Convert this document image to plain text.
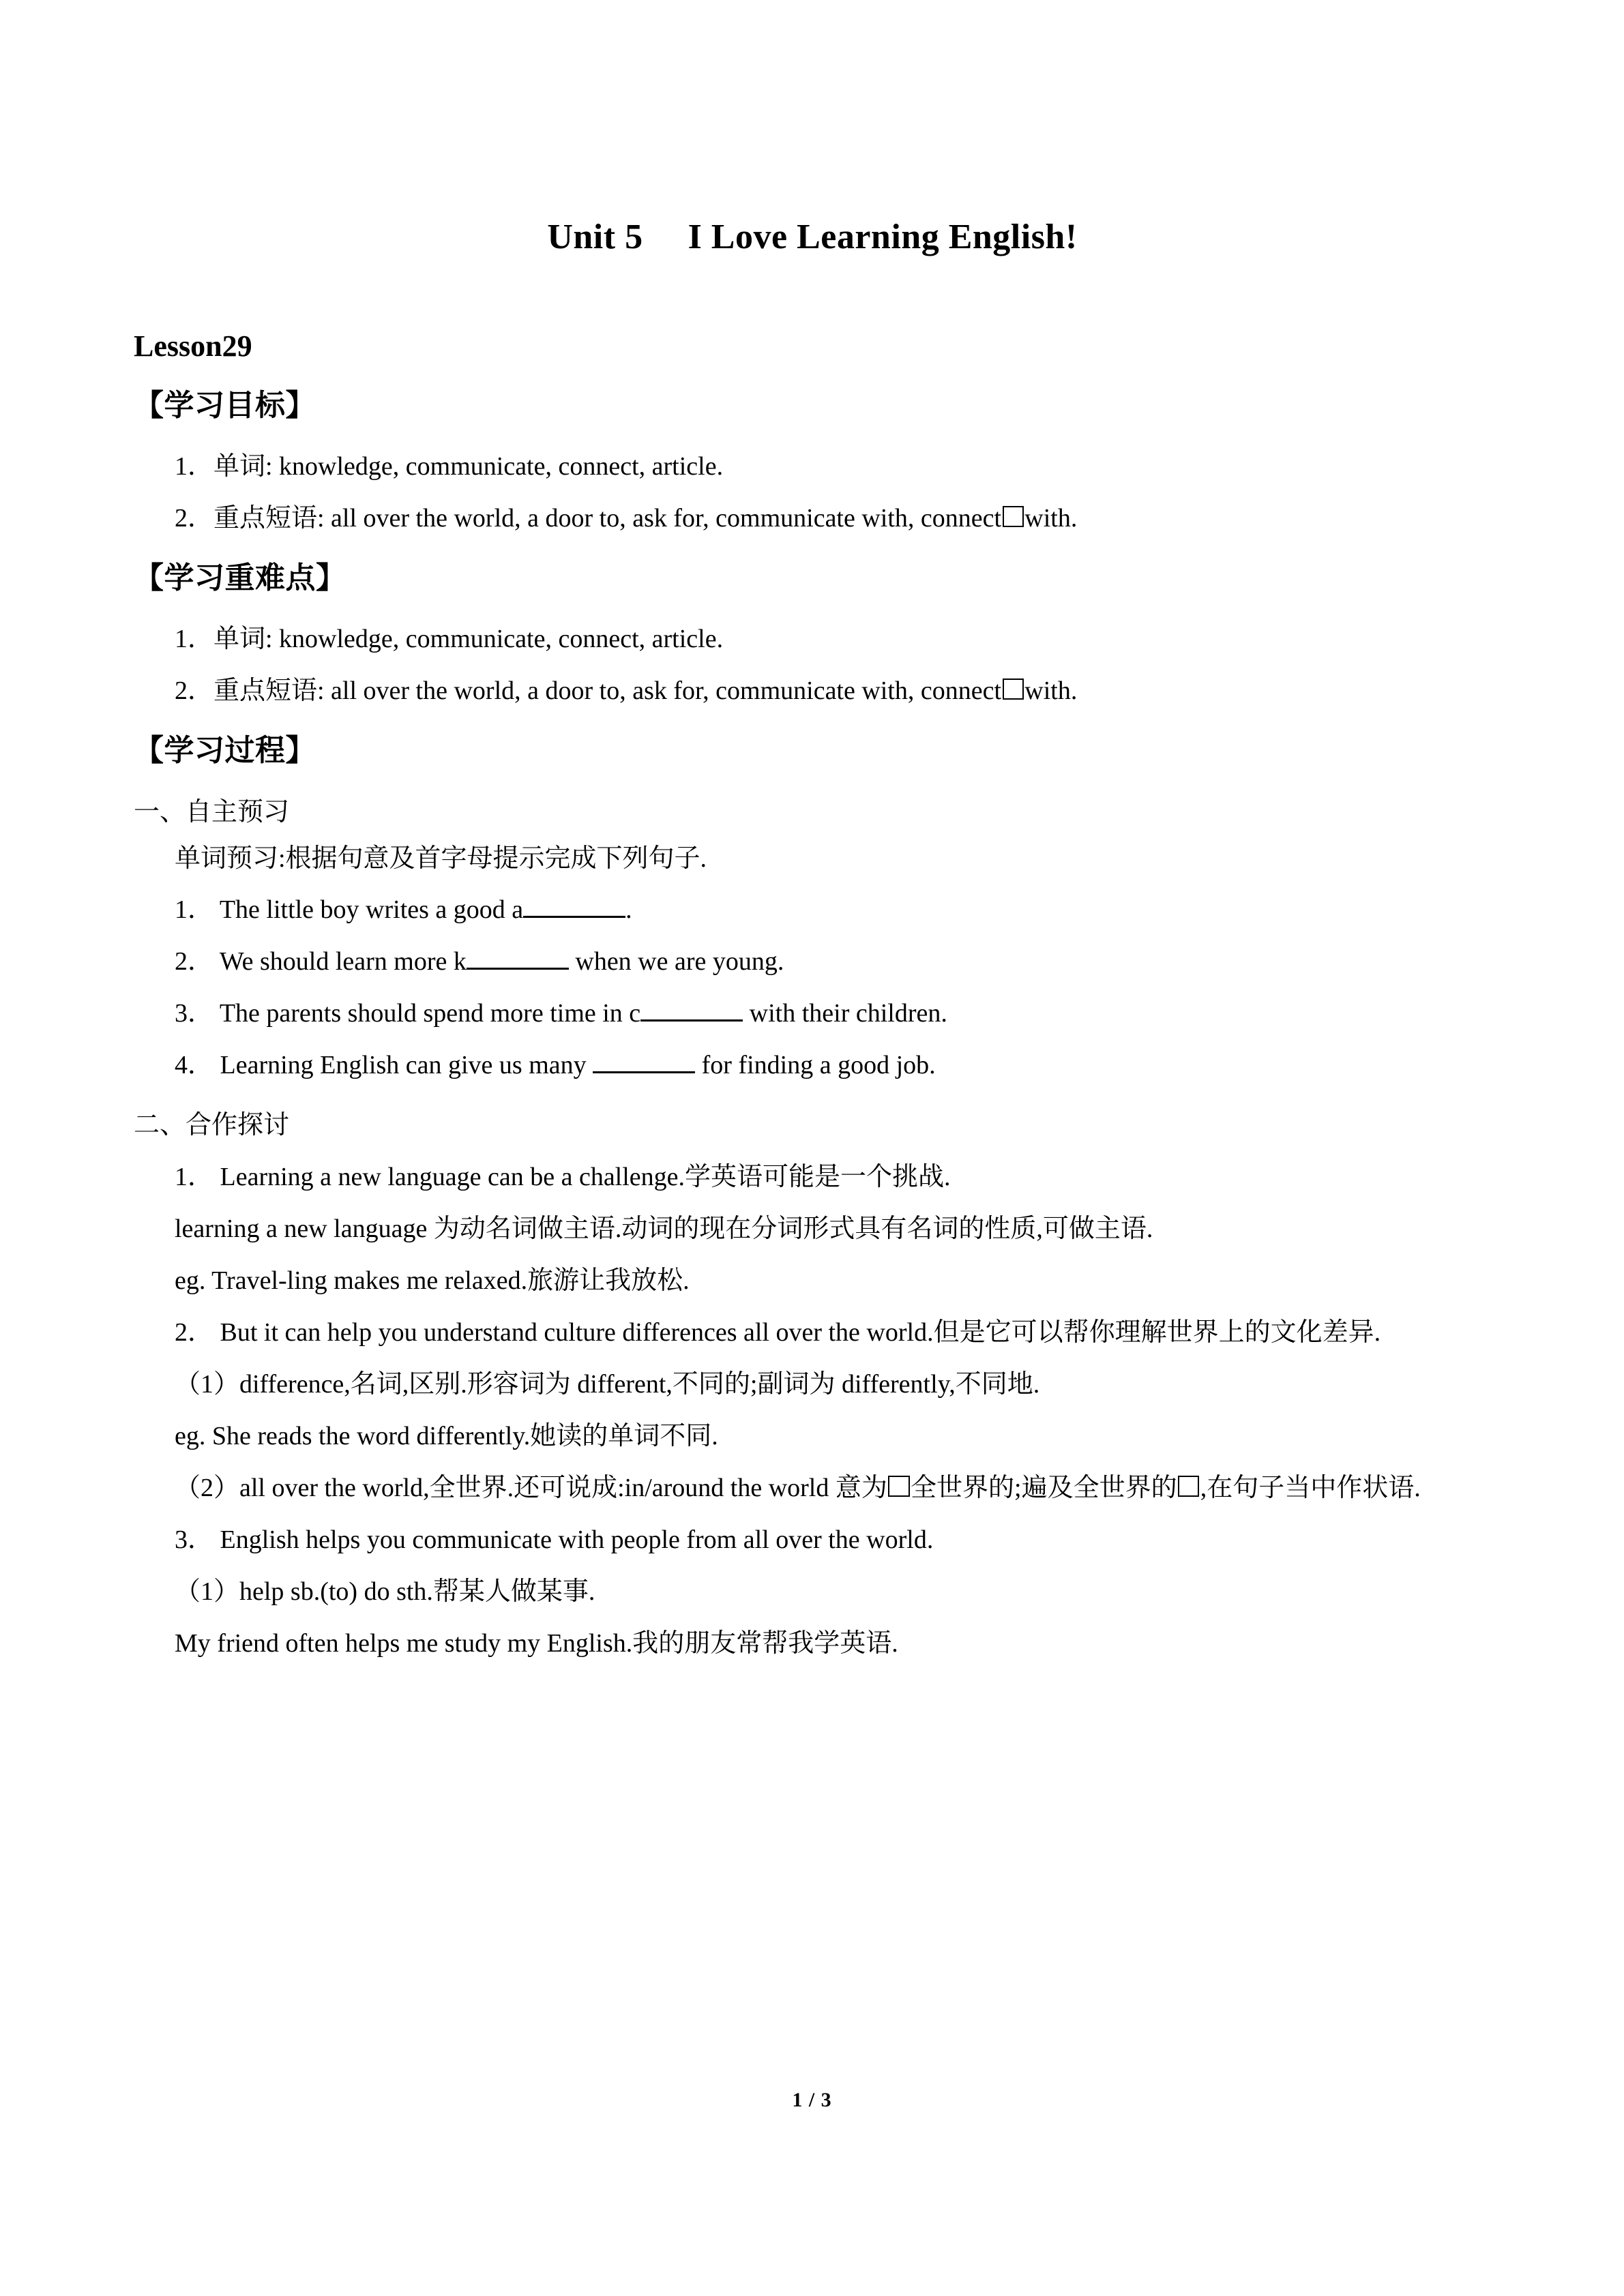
Unit 5  I Love Learning English!
Lesson29
【学习目标】

1．单词: knowledge, communicate, connect, article.

2．重点短语: all over the world, a door to, ask for, communicate with, connect with.

【学习重难点】

1．单词: knowledge, communicate, connect, article.

2．重点短语: all over the world, a door to, ask for, communicate with, connect with.

【学习过程】

一、自主预习

单词预习:根据句意及首字母提示完成下列句子.

1． The little boy writes a good a	.

2． We should learn more k	when we are young.

3． The parents should spend more time in c	with their children.

4． Learning English can give us many	for finding a good job.

二、合作探讨

1． Learning a new language can be a challenge.学英语可能是一个挑战.

learning a new language 为动名词做主语.动词的现在分词形式具有名词的性质,可做主语.

eg. Travel-ling makes me relaxed.旅游让我放松.

2． But it can help you understand culture differences all over the world.但是它可以帮你理解世界上的文化差异.

（1）difference,名词,区别.形容词为 different,不同的;副词为 differently,不同地.

eg. She reads the word differently.她读的单词不同.

（2）all over the world,全世界.还可说成:in/around the world 意为 全世界的;遍及全世界的 ,在句子当中作状语.

3． English helps you communicate with people from all over the world.

（1）help sb.(to) do sth.帮某人做某事.

My friend often helps me study my English.我的朋友常帮我学英语.

1 / 3
